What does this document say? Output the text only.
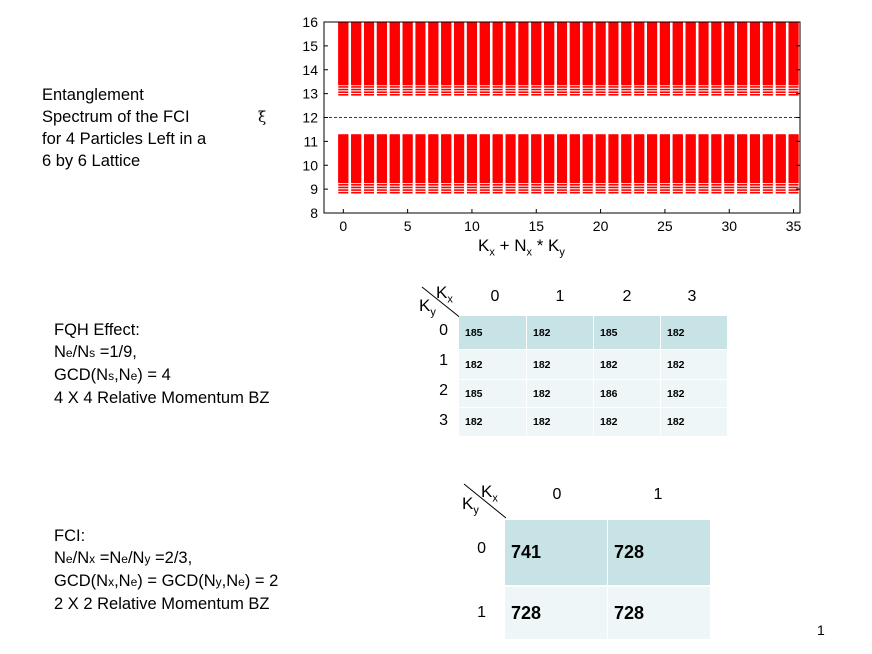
8
9
10
11
12
13
14
15
16
0	5	10	15	20	25	30	35
$K_x + N_x * K_y$
ξ
Entanglement
Spectrum of the FCI
for 4 Particles Left in a
6 by 6 Lattice
FQH Effect:
Ne/Ns =1/9,
GCD(Ns,Ne) = 4
4 X 4 Relative Momentum BZ
$K_x$
$K_y$
0	1	2	3
0
1
2
3
185	182	185	182
182	182	182	182
185	182	186	182
182	182	182	182
FCI:
Ne/Nx =Ne/Ny =2/3,
GCD(Nx,Ne) = GCD(Ny,Ne) = 2
2 X 2 Relative Momentum BZ
$K_x$
$K_y$
0	1
0
1
741	728
728	728
1
